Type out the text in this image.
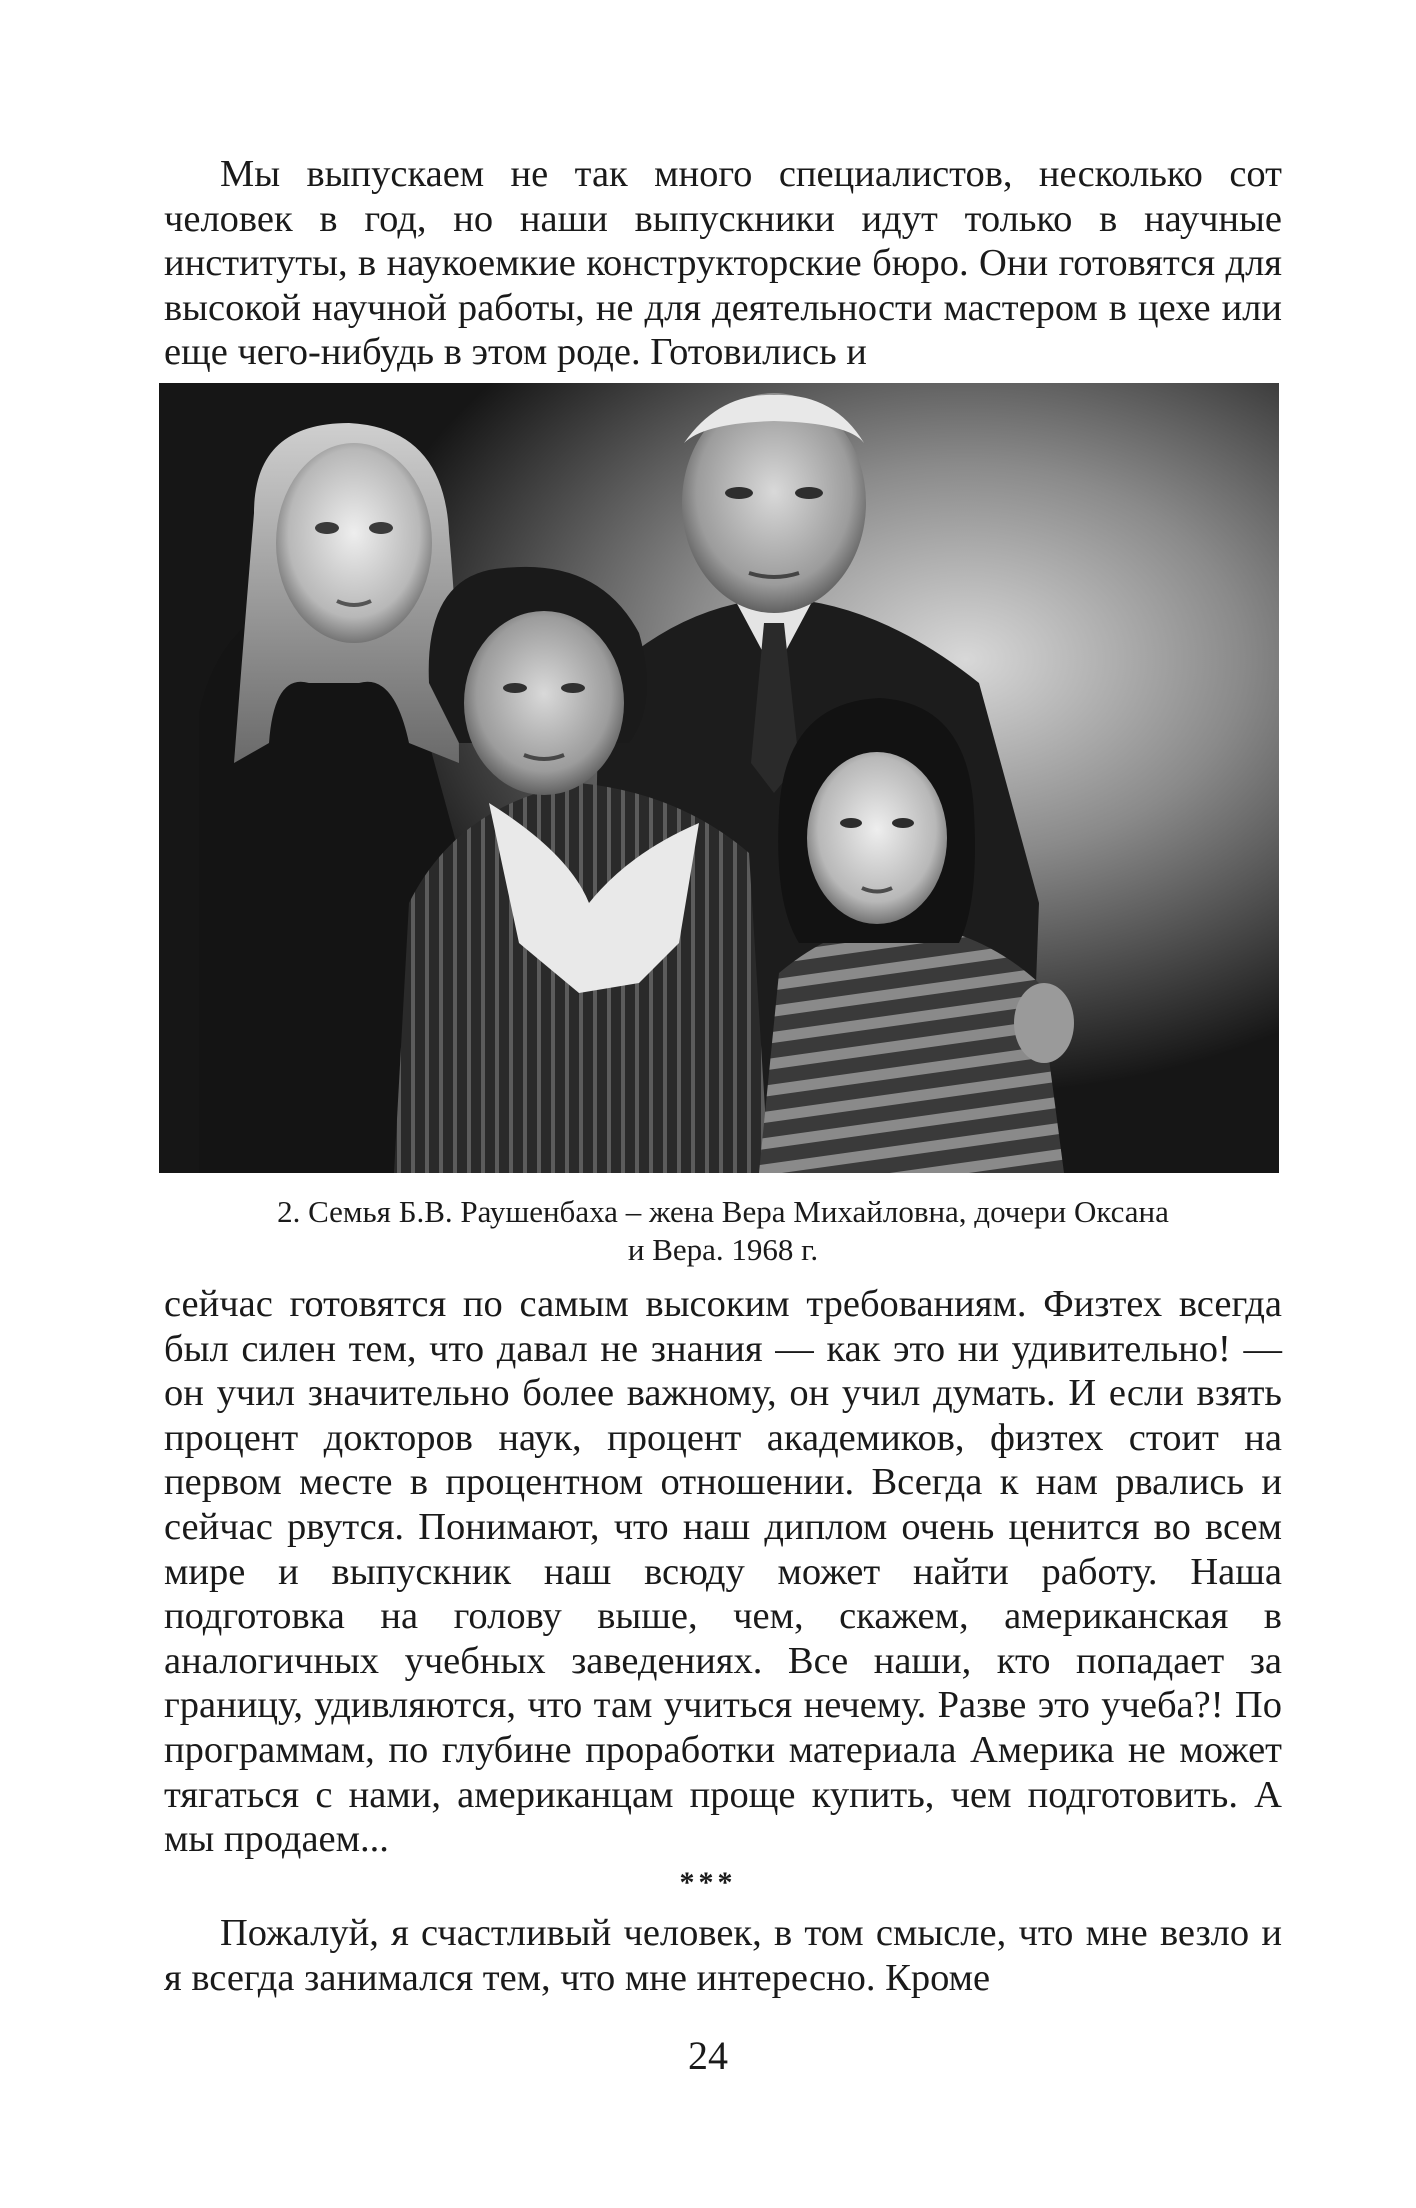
Мы выпускаем не так много специалистов, несколько сот человек в год, но наши выпускники идут только в научные институты, в наукоемкие конструкторские бюро. Они готовятся для высокой научной работы, не для деятельности мастером в цехе или еще чего-нибудь в этом роде. Готовились и

2. Семья Б.В. Раушенбаха – жена Вера Михайловна, дочери Оксана
и Вера. 1968 г.

сейчас готовятся по самым высоким требованиям. Физтех всегда был силен тем, что давал не знания — как это ни удивительно! — он учил значительно более важному, он учил думать. И если взять процент докторов наук, процент академиков, физтех стоит на первом месте в процентном отношении. Всегда к нам рвались и сейчас рвутся. Понимают, что наш диплом очень ценится во всем мире и выпускник наш всюду может найти работу. Наша подготовка на голову выше, чем, скажем, американская в аналогичных учебных заведениях. Все наши, кто попадает за границу, удивляются, что там учиться нечему. Разве это учеба?! По программам, по глубине проработки материала Америка не может тягаться с нами, американцам проще купить, чем подготовить. А мы продаем...

***

Пожалуй, я счастливый человек, в том смысле, что мне везло и я всегда занимался тем, что мне интересно. Кроме

24
